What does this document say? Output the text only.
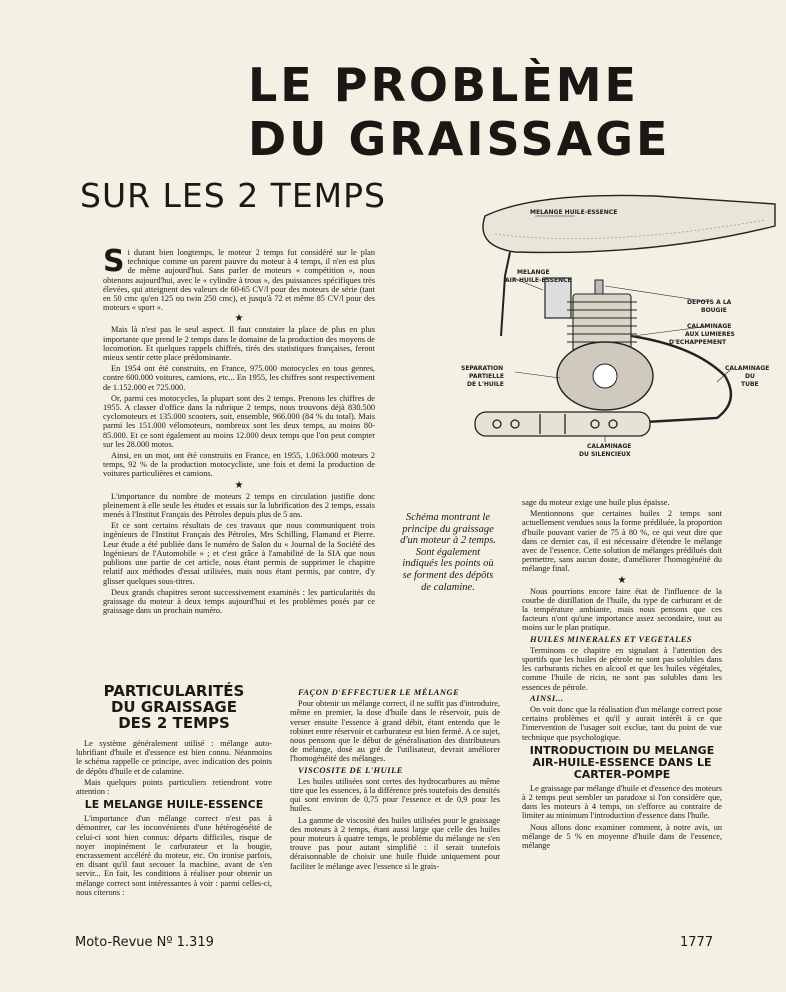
LE PROBLÈME
DU GRAISSAGE
SUR LES 2 TEMPS	MELANGE HUILE-ESSENCE
MELANGE
AIR-HUILE-ESSENCE
DEPOTS A LA
BOUGIE
CALAMINAGE
AUX LUMIERES
D'ECHAPPEMENT
SEPARATION
PARTIELLE
DE L'HUILE
CALAMINAGE
DU
TUBE
CALAMINAGE
DU SILENCIEUX

Si durant bien longtemps, le moteur 2 temps fut considéré sur le plan technique comme un parent pauvre du moteur à 4 temps, il n'en est plus de même aujourd'hui. Sans parler de moteurs « compétition », nous obtenons aujourd'hui, avec le « cylindre à trous », des puissances spécifiques très élevées, qui atteignent des valeurs de 60-65 CV/l pour des moteurs de série (tant en 50 cmc qu'en 125 ou twin 250 cmc), et jusqu'à 72 et même 85 CV/l pour des moteurs « sport ».

★

Mais là n'est pas le seul aspect. Il faut constater la place de plus en plus importante que prend le 2 temps dans le domaine de la production des moyens de locomotion. Et quelques rappels chiffrés, tirés des statistiques françaises, feront mieux sentir cette place prédominante.

En 1954 ont été construits, en France, 975.000 motocycles en tous genres, contre 600.000 voitures, camions, etc... En 1955, les chiffres sont respectivement de 1.152.000 et 725.000.

Or, parmi ces motocycles, la plupart sont des 2 temps. Prenons les chiffres de 1955. A classer d'office dans la rubrique 2 temps, nous trouvons déjà 830.500 cyclomoteurs et 135.000 scooters, soit, ensemble, 966.000 (84 % du total). Mais parmi les 151.000 vélomoteurs, nombreux sont les deux temps, au moins 80-85.000. Et ce sont également au moins 12.000 deux temps que l'on peut compter sur les 28.000 motos.

Ainsi, en un mot, ont été construits en France, en 1955, 1.063.000 moteurs 2 temps, 92 % de la production motocycliste, une fois et demi la production de voitures particulières et camions.

★

L'importance du nombre de moteurs 2 temps en circulation justifie donc pleinement à elle seule les études et essais sur la lubrification des 2 temps, essais menés à l'Institut Français des Pétroles depuis plus de 5 ans.

Et ce sont certains résultats de ces travaux que nous communiquent trois ingénieurs de l'Institut Français des Pétroles, Mrs Schilling, Flamand et Pierre. Leur étude a été publiée dans le numéro de Salon du « Journal de la Société des Ingénieurs de l'Automobile » ; et c'est grâce à l'amabilité de la SIA que nous publions une partie de cet article, nous étant permis de supprimer le chapitre relatif aux méthodes d'essai utilisées, mais nous étant permis, par contre, d'y glisser quelques sous-titres.

Deux grands chapitres seront successivement examinés : les particularités du graissage du moteur à deux temps aujourd'hui et les problèmes posés par ce graissage dans un prochain numéro.

Schéma montrant le principe du graissage d'un moteur à 2 temps. Sont également indiqués les points où se forment des dépôts de calamine.

sage du moteur exige une huile plus épaisse.

Mentionnons que certaines huiles 2 temps sont actuellement vendues sous la forme prédiluée, la proportion d'huile pouvant varier de 75 à 80 %, ce qui veut dire que dans ce dernier cas, il est nécessaire d'étendre le mélange avec de l'essence. Cette solution de mélanges prédilués doit permettre, sans aucun doute, d'améliorer l'homogénéité du mélange final.

★

Nous pourrions encore faire état de l'influence de la courbe de distillation de l'huile, du type de carburant et de la température ambiante, mais nous pensons que ces facteurs n'ont qu'une importance assez secondaire, tout au moins sur le plan pratique.

HUILES MINERALES ET VEGETALES

Terminons ce chapitre en signalant à l'attention des sportifs que les huiles de pétrole ne sont pas solubles dans les carburants riches en alcool et que les huiles végétales, comme l'huile de ricin, ne sont pas solubles dans les essences de pétrole.

AINSI...

On voit donc que la réalisation d'un mélange correct pose certains problèmes et qu'il y aurait intérêt à ce que l'intervention de l'usager soit exclue, tant du point de vue technique que psychologique.

INTRODUCTIOIN DU MELANGE AIR-HUILE-ESSENCE DANS LE CARTER-POMPE

Le graissage par mélange d'huile et d'essence des moteurs à 2 temps peut sembler un paradoxe si l'on considère que, dans les moteurs à 4 temps, on s'efforce au contraire de limiter au minimum l'introduction d'essence dans l'huile.

Nous allons donc examiner comment, à notre avis, un mélange de 5 % en moyenne d'huile dans de l'essence, mélange

PARTICULARITÉS DU GRAISSAGE DES 2 TEMPS

Le système généralement utilisé : mélange auto-lubrifiant d'huile et d'essence est bien connu. Néanmoins le schéma rappelle ce principe, avec indication des points de dépôts d'huile et de calamine.

Mais quelques points particuliers retiendront votre attention :

LE MELANGE HUILE-ESSENCE

L'importance d'un mélange correct n'est pas à démontrer, car les inconvénients d'une hétérogénéité de celui-ci sont bien connus: départs difficiles, risque de noyer inopinément le carburateur et la bougie, encrassement accéléré du moteur, etc. On ironise parfois, en disant qu'il faut secouer la machine, avant de s'en servir... En fait, les conditions à réaliser pour obtenir un mélange correct sont intéressantes à voir : parmi celles-ci, nous citerons :

FAÇON D'EFFECTUER LE MÉLANGE

Pour obtenir un mélange correct, il ne suffit pas d'introduire, même en premier, la dose d'huile dans le réservoir, puis de verser ensuite l'essence à grand débit, étant entendu que le robinet entre réservoir et carburateur est bien fermé. A ce sujet, nous pensons que le début de généralisation des distributeurs de mélange, dosé au gré de l'utilisateur, devrait améliorer l'homogénéité des mélanges.

VISCOSITE DE L'HUILE

Les huiles utilisées sont certes des hydrocarbures au même titre que les essences, à la différence près toutefois des densités qui sont environ de 0,75 pour l'essence et de 0,9 pour les huiles.

La gamme de viscosité des huiles utilisées pour le graissage des moteurs à 2 temps, étant aussi large que celle des huiles pour moteurs à quatre temps, le problème du mélange ne s'en trouve pas pour autant simplifié : il serait toutefois déraisonnable de choisir une huile fluide uniquement pour faciliter le mélange avec l'essence si le grais-

Moto-Revue Nº 1.319	1777
